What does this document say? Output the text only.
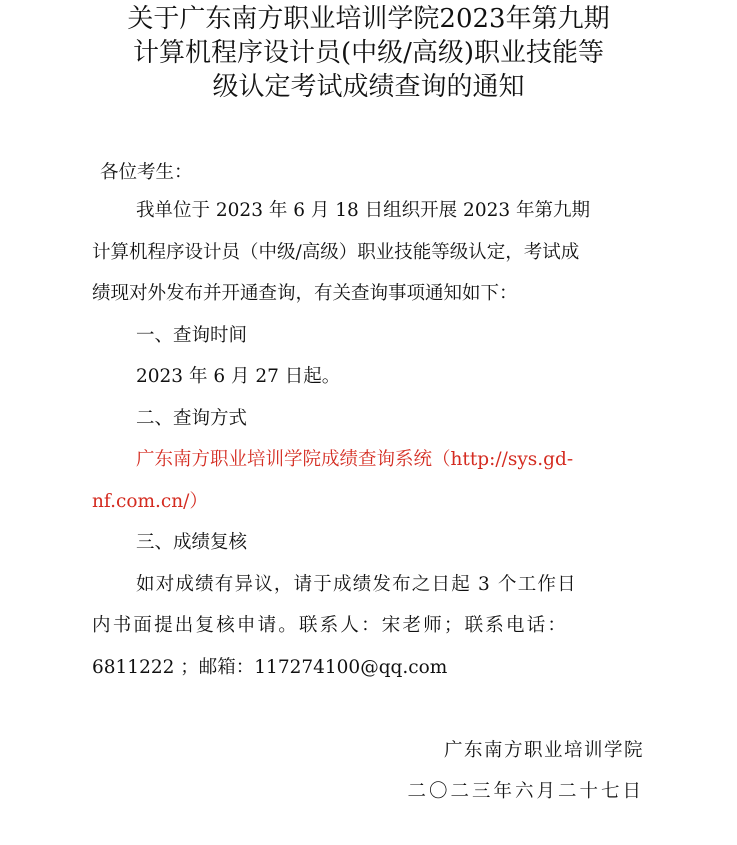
关于广东南方职业培训学院2023年第九期
计算机程序设计员(中级/高级)职业技能等
级认定考试成绩查询的通知
各位考生：
我单位于 2023 年 6 月 18 日组织开展 2023 年第九期
计算机程序设计员（中级/高级）职业技能等级认定，考试成
绩现对外发布并开通查询，有关查询事项通知如下：
一、查询时间
2023 年 6 月 27 日起。
二、查询方式
广东南方职业培训学院成绩查询系统（http://sys.gd-
nf.com.cn/）
三、成绩复核
如对成绩有异议，请于成绩发布之日起 3 个工作日
内书面提出复核申请。联系人：宋老师；联系电话：
6811222 ；邮箱：117274100@qq.com
广东南方职业培训学院
二〇二三年六月二十七日
